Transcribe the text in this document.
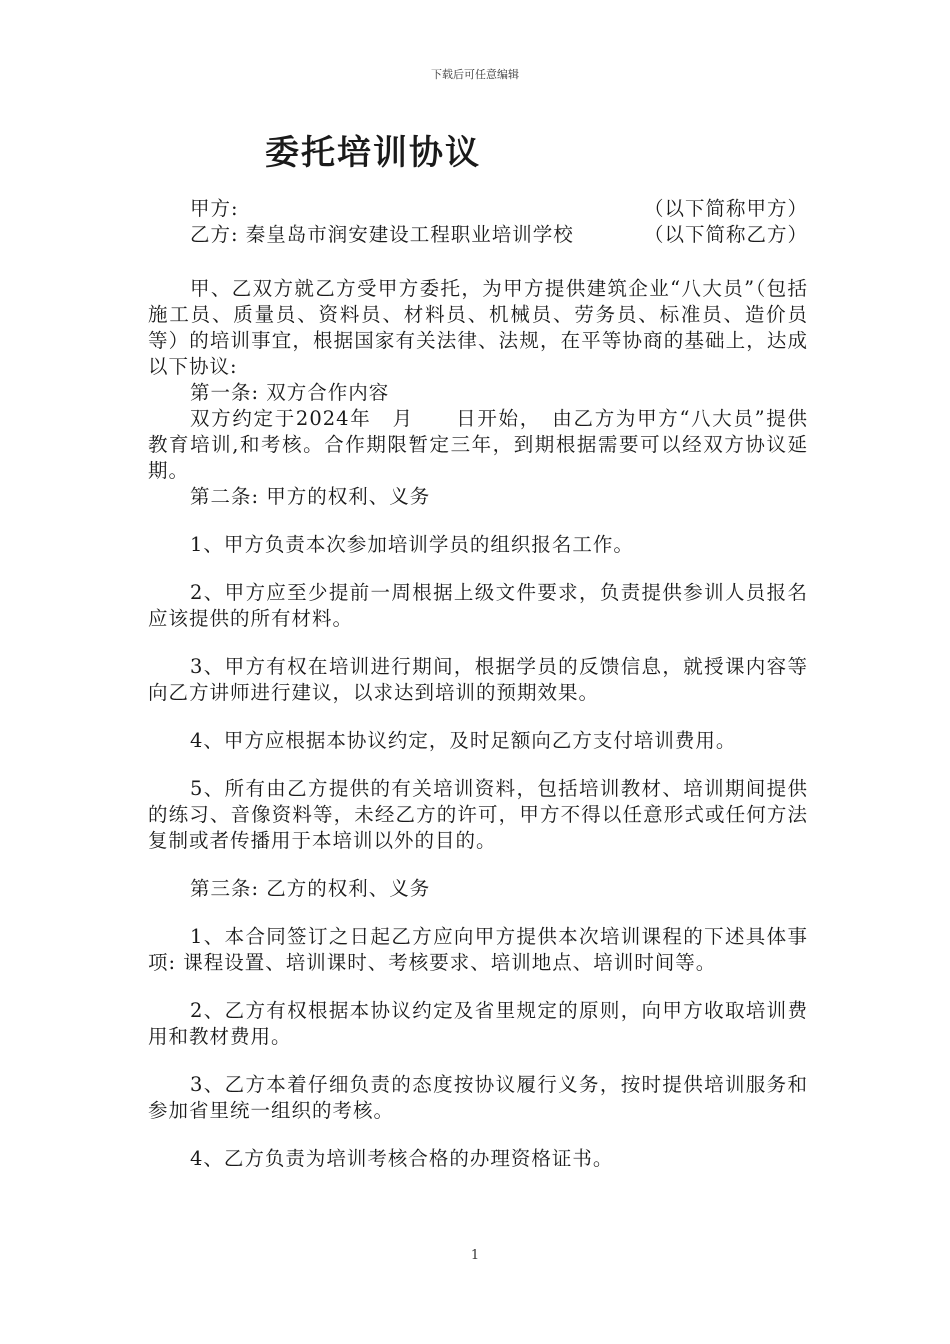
下载后可任意编辑
委托培训协议
甲方:	（以下简称甲方）
乙方: 秦皇岛市润安建设工程职业培训学校	（以下简称乙方）

甲、乙双方就乙方受甲方委托，为甲方提供建筑企业“八大员”（包括施工员、质量员、资料员、材料员、机械员、劳务员、标准员、造价员等）的培训事宜，根据国家有关法律、法规，在平等协商的基础上，达成以下协议:

第一条: 双方合作内容

双方约定于2024年　月　　日开始，　由乙方为甲方“八大员”提供教育培训,和考核。合作期限暂定三年，到期根据需要可以经双方协议延期。

第二条: 甲方的权利、义务

1、甲方负责本次参加培训学员的组织报名工作。

2、甲方应至少提前一周根据上级文件要求，负责提供参训人员报名应该提供的所有材料。

3、甲方有权在培训进行期间，根据学员的反馈信息，就授课内容等向乙方讲师进行建议，以求达到培训的预期效果。

4、甲方应根据本协议约定，及时足额向乙方支付培训费用。

5、所有由乙方提供的有关培训资料，包括培训教材、培训期间提供的练习、音像资料等，未经乙方的许可，甲方不得以任意形式或任何方法复制或者传播用于本培训以外的目的。

第三条: 乙方的权利、义务

1、本合同签订之日起乙方应向甲方提供本次培训课程的下述具体事项: 课程设置、培训课时、考核要求、培训地点、培训时间等。

2、乙方有权根据本协议约定及省里规定的原则，向甲方收取培训费用和教材费用。

3、乙方本着仔细负责的态度按协议履行义务，按时提供培训服务和参加省里统一组织的考核。

4、乙方负责为培训考核合格的办理资格证书。

1
